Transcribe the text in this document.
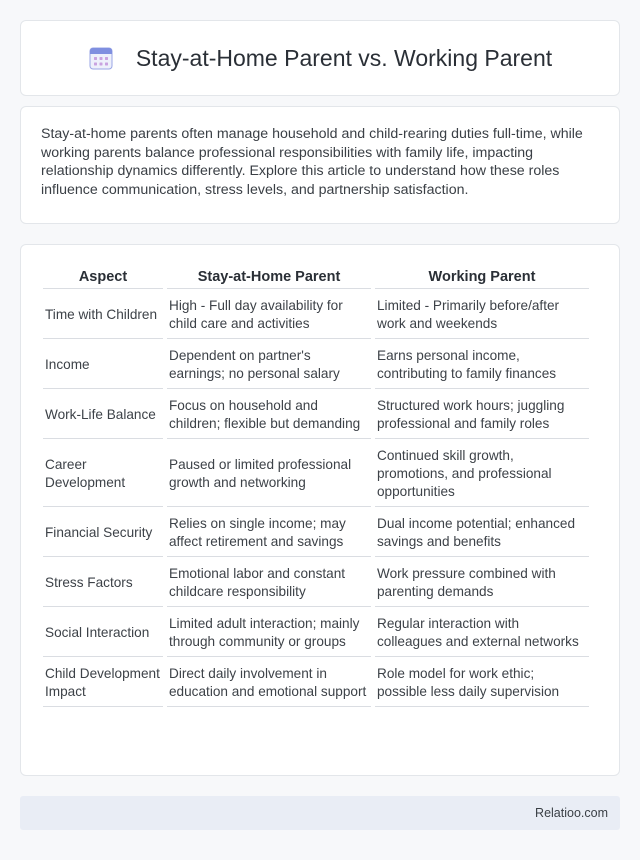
Stay-at-Home Parent vs. Working Parent

Stay-at-home parents often manage household and child-rearing duties full-time, while working parents balance professional responsibilities with family life, impacting relationship dynamics differently. Explore this article to understand how these roles influence communication, stress levels, and partnership satisfaction.

Aspect	Stay-at-Home Parent	Working Parent
Time with Children	High - Full day availability for child care and activities	Limited - Primarily before/after work and weekends
Income	Dependent on partner's earnings; no personal salary	Earns personal income, contributing to family finances
Work-Life Balance	Focus on household and children; flexible but demanding	Structured work hours; juggling professional and family roles
Career Development	Paused or limited professional growth and networking	Continued skill growth, promotions, and professional opportunities
Financial Security	Relies on single income; may affect retirement and savings	Dual income potential; enhanced savings and benefits
Stress Factors	Emotional labor and constant childcare responsibility	Work pressure combined with parenting demands
Social Interaction	Limited adult interaction; mainly through community or groups	Regular interaction with colleagues and external networks
Child Development Impact	Direct daily involvement in education and emotional support	Role model for work ethic; possible less daily supervision
Relatioo.com
